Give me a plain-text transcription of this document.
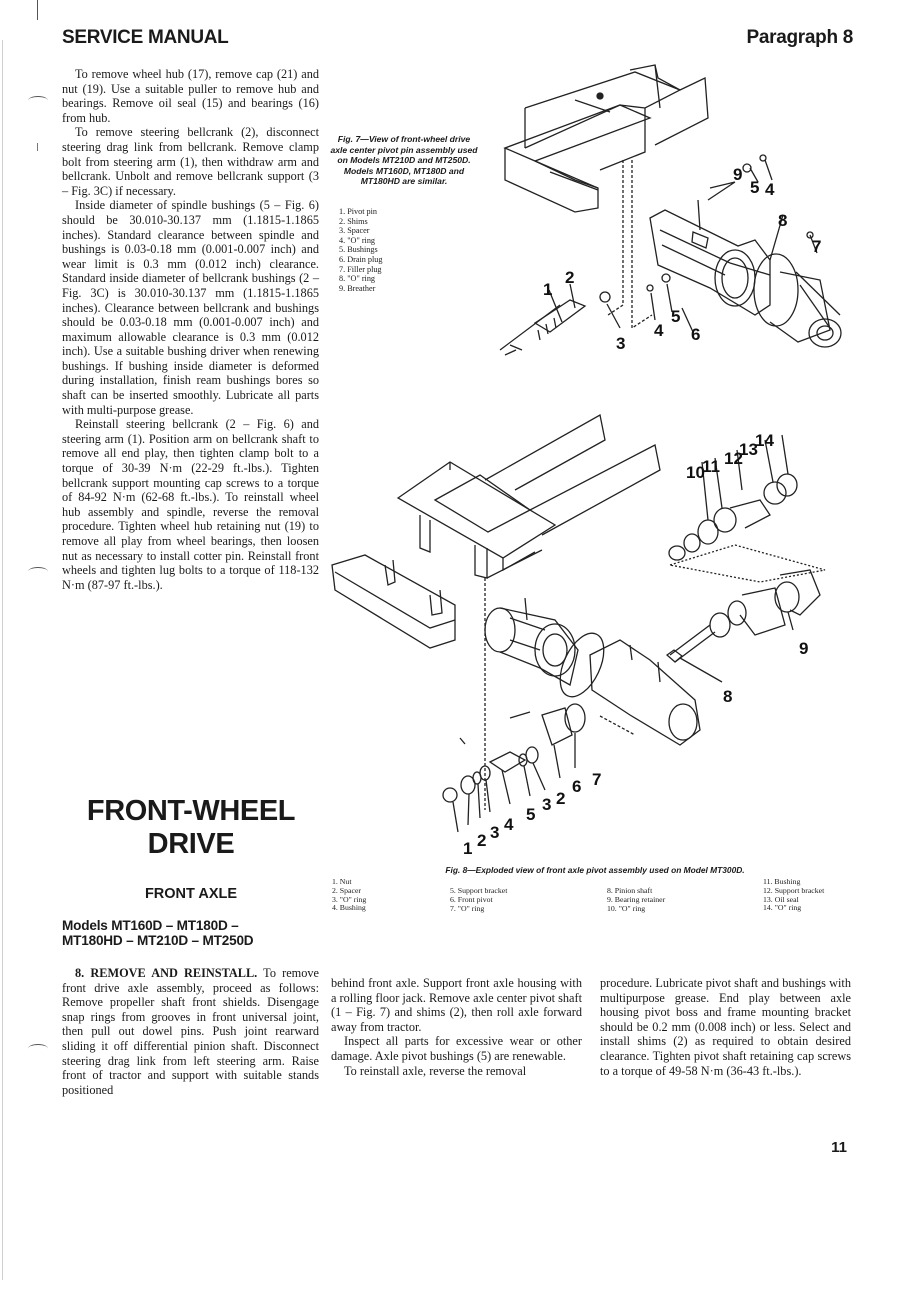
SERVICE MANUAL	Paragraph 8

To remove wheel hub (17), remove cap (21) and nut (19). Use a suitable puller to remove hub and bearings. Remove oil seal (15) and bearings (16) from hub.

To remove steering bellcrank (2), disconnect steering drag link from bellcrank. Remove clamp bolt from steering arm (1), then withdraw arm and bellcrank. Unbolt and remove bellcrank support (3 – Fig. 3C) if necessary.

Inside diameter of spindle bushings (5 – Fig. 6) should be 30.010-30.137 mm (1.1815-1.1865 inches). Standard clearance between spindle and bushings is 0.03-0.18 mm (0.001-0.007 inch) and wear limit is 0.3 mm (0.012 inch) clearance. Standard inside diameter of bellcrank bushings (2 – Fig. 3C) is 30.010-30.137 mm (1.1815-1.1865 inches). Clearance between bellcrank and bushings should be 0.03-0.18 mm (0.001-0.007 inch) and maximum allowable clearance is 0.3 mm (0.012 inch). Use a suitable bushing driver when renewing bushings. If bushing inside diameter is deformed during installation, finish ream bushings bores so shaft can be inserted smoothly. Lubricate all parts with multi-purpose grease.

Reinstall steering bellcrank (2 – Fig. 6) and steering arm (1). Position arm on bellcrank shaft to remove all end play, then tighten clamp bolt to a torque of 30-39 N·m (22-29 ft.-lbs.). Tighten bellcrank support mounting cap screws to a torque of 84-92 N·m (62-68 ft.-lbs.). To reinstall wheel hub assembly and spindle, reverse the removal procedure. Tighten wheel hub retaining nut (19) to remove all play from wheel bearings, then loosen nut as necessary to install cotter pin. Reinstall front wheels and tighten lug bolts to a torque of 118-132 N·m (87-97 ft.-lbs.).

Fig. 7—View of front-wheel drive axle center pivot pin assembly used on Models MT210D and MT250D. Models MT160D, MT180D and MT180HD are similar.
1. Pivot pin
2. Shims
3. Spacer
4. "O" ring
5. Bushings
6. Drain plug
7. Filler plug
8. "O" ring
9. Breather	1
2
3
4
5
6
4
5
9
8
7
1 2 3 4
5
3 2
6 7
8
9
10
11 12
13
14
FRONT-WHEEL
DRIVE
FRONT AXLE
Models MT160D – MT180D –
MT180HD – MT210D – MT250D
Fig. 8—Exploded view of front axle pivot assembly used on Model MT300D.
1. Nut
2. Spacer
3. "O" ring
4. Bushing
5. Support bracket
6. Front pivot
7. "O" ring
8. Pinion shaft
9. Bearing retainer
10. "O" ring
11. Bushing
12. Support bracket
13. Oil seal
14. "O" ring

8. REMOVE AND REINSTALL. To remove front drive axle assembly, proceed as follows: Remove propeller shaft front shields. Disengage snap rings from grooves in front universal joint, then pull out dowel pins. Push joint rearward sliding it off differential pinion shaft. Disconnect steering drag link from left steering arm. Raise front of tractor and support with suitable stands positioned

behind front axle. Support front axle housing with a rolling floor jack. Remove axle center pivot shaft (1 – Fig. 7) and shims (2), then roll axle forward away from tractor.

Inspect all parts for excessive wear or other damage. Axle pivot bushings (5) are renewable.

To reinstall axle, reverse the removal

procedure. Lubricate pivot shaft and bushings with multipurpose grease. End play between axle housing pivot boss and frame mounting bracket should be 0.2 mm (0.008 inch) or less. Select and install shims (2) as required to obtain desired clearance. Tighten pivot shaft retaining cap screws to a torque of 49-58 N·m (36-43 ft.-lbs.).

11
